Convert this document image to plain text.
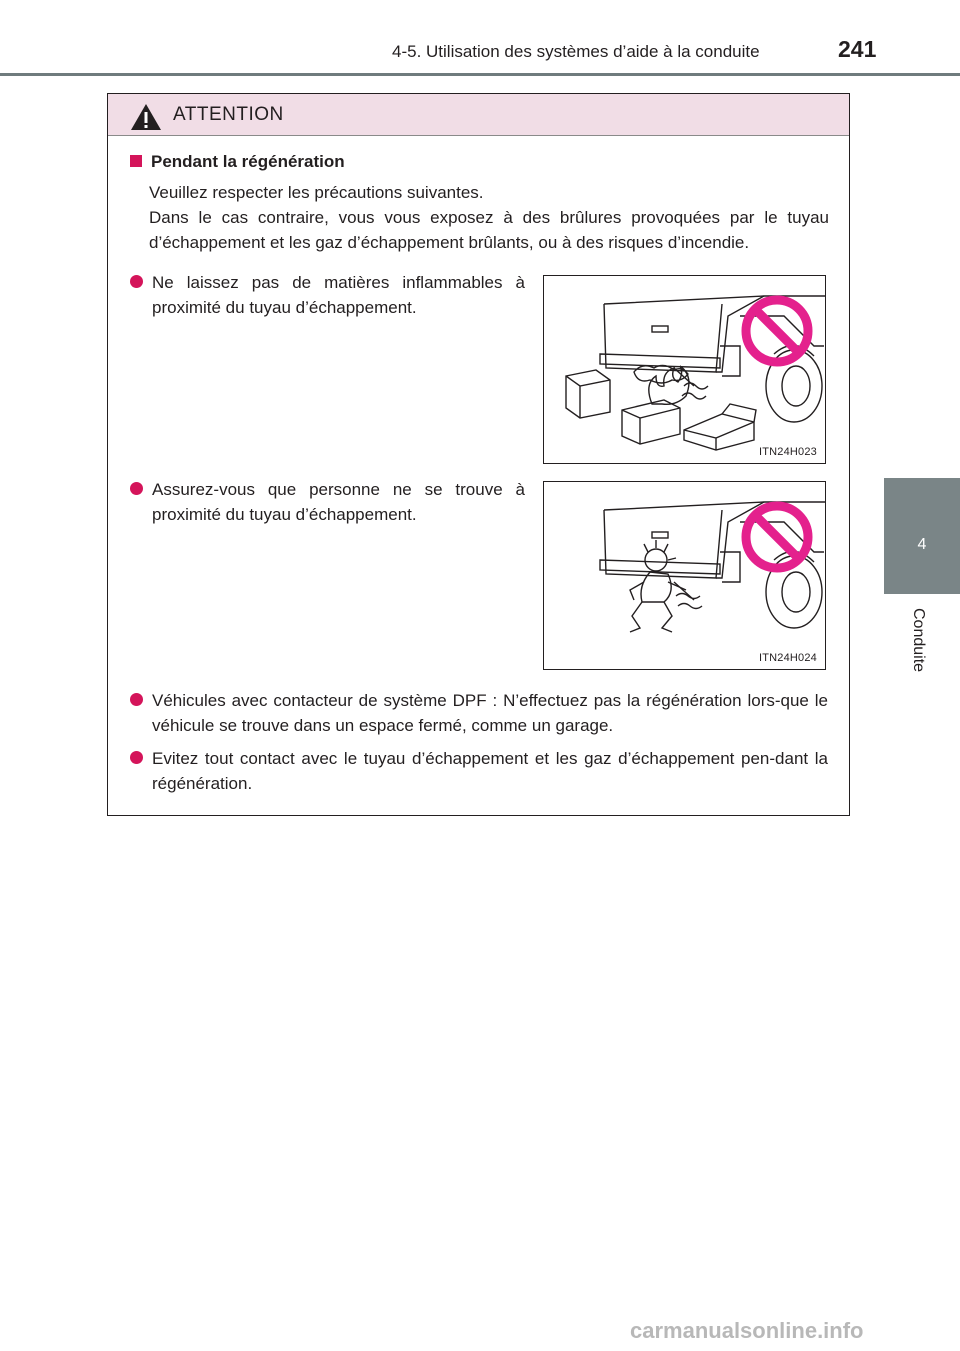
4-5. Utilisation des systèmes d’aide à la conduite	241
4
Conduite
ATTENTION
Pendant la régénération
Veuillez respecter les précautions suivantes.
Dans le cas contraire, vous vous exposez à des brûlures provoquées par le tuyau d’échappement et les gaz d’échappement brûlants, ou à des risques d’incendie.
Ne laissez pas de matières inflammables à proximité du tuyau d’échappement.
ITN24H023
Assurez-vous que personne ne se trouve à proximité du tuyau d’échappement.
ITN24H024
Véhicules avec contacteur de système DPF : N’effectuez pas la régénération lors-que le véhicule se trouve dans un espace fermé, comme un garage.
Evitez tout contact avec le tuyau d’échappement et les gaz d’échappement pen-dant la régénération.
carmanualsonline.info
